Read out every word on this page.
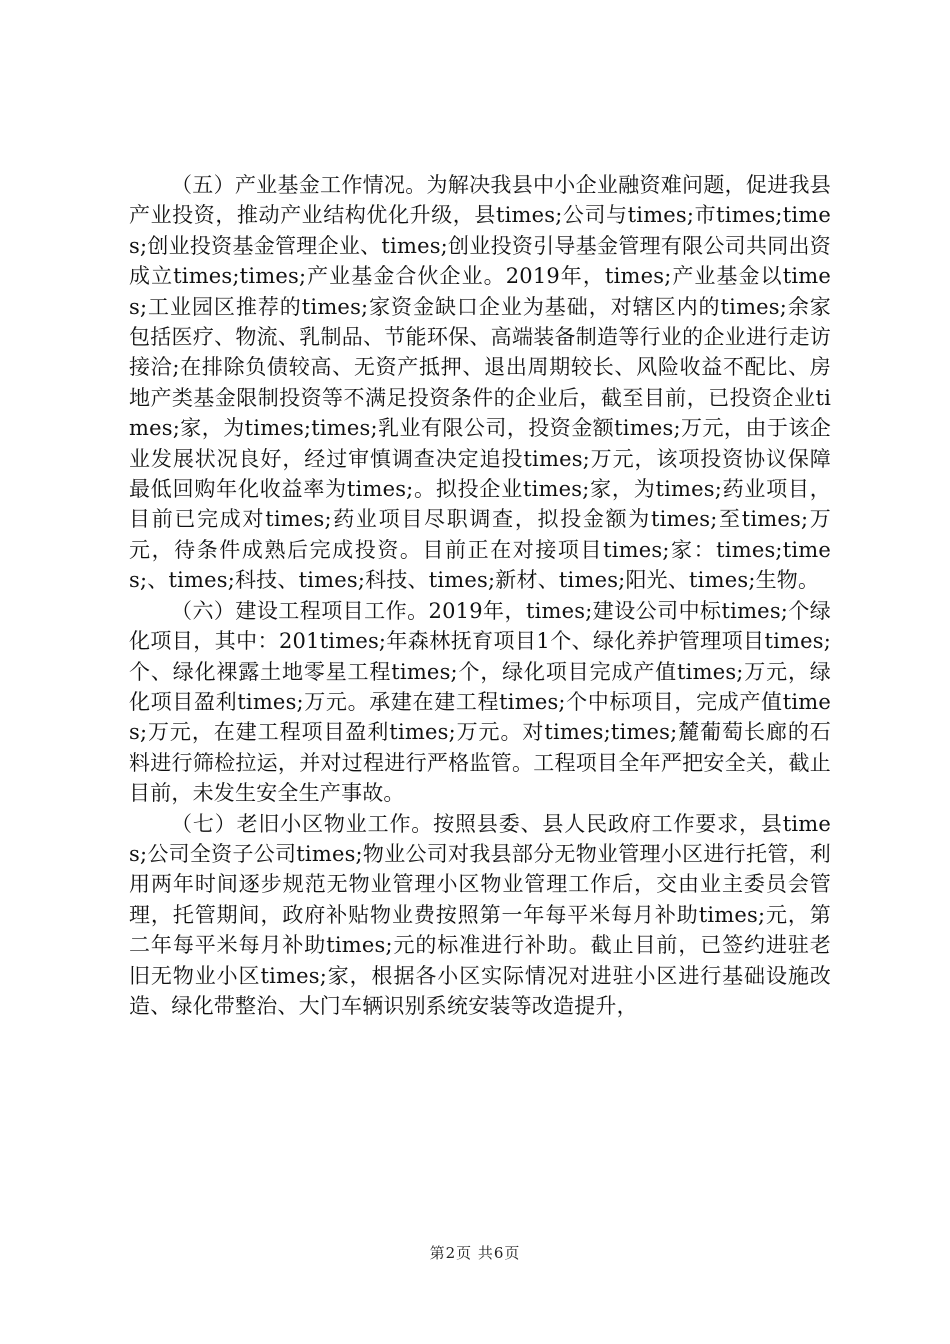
（五）产业基金工作情况。为解决我县中小企业融资难问题，促进我县产业投资，推动产业结构优化升级，县times;公司与times;市times;times;创业投资基金管理企业、times;创业投资引导基金管理有限公司共同出资成立times;times;产业基金合伙企业。2019年，times;产业基金以times;工业园区推荐的times;家资金缺口企业为基础，对辖区内的times;余家包括医疗、物流、乳制品、节能环保、高端装备制造等行业的企业进行走访接洽;在排除负债较高、无资产抵押、退出周期较长、风险收益不配比、房地产类基金限制投资等不满足投资条件的企业后，截至目前，已投资企业times;家，为times;times;乳业有限公司，投资金额times;万元，由于该企业发展状况良好，经过审慎调查决定追投times;万元，该项投资协议保障最低回购年化收益率为times;。拟投企业times;家，为times;药业项目，目前已完成对times;药业项目尽职调查，拟投金额为times;至times;万元，待条件成熟后完成投资。目前正在对接项目times;家：times;times;、times;科技、times;科技、times;新材、times;阳光、times;生物。

（六）建设工程项目工作。2019年，times;建设公司中标times;个绿化项目，其中：201times;年森林抚育项目1个、绿化养护管理项目times;个、绿化裸露土地零星工程times;个，绿化项目完成产值times;万元，绿化项目盈利times;万元。承建在建工程times;个中标项目，完成产值times;万元，在建工程项目盈利times;万元。对times;times;麓葡萄长廊的石料进行筛检拉运，并对过程进行严格监管。工程项目全年严把安全关，截止目前，未发生安全生产事故。

（七）老旧小区物业工作。按照县委、县人民政府工作要求，县times;公司全资子公司times;物业公司对我县部分无物业管理小区进行托管，利用两年时间逐步规范无物业管理小区物业管理工作后，交由业主委员会管理，托管期间，政府补贴物业费按照第一年每平米每月补助times;元，第二年每平米每月补助times;元的标准进行补助。截止目前，已签约进驻老旧无物业小区times;家，根据各小区实际情况对进驻小区进行基础设施改造、绿化带整治、大门车辆识别系统安装等改造提升，

第2页 共6页
